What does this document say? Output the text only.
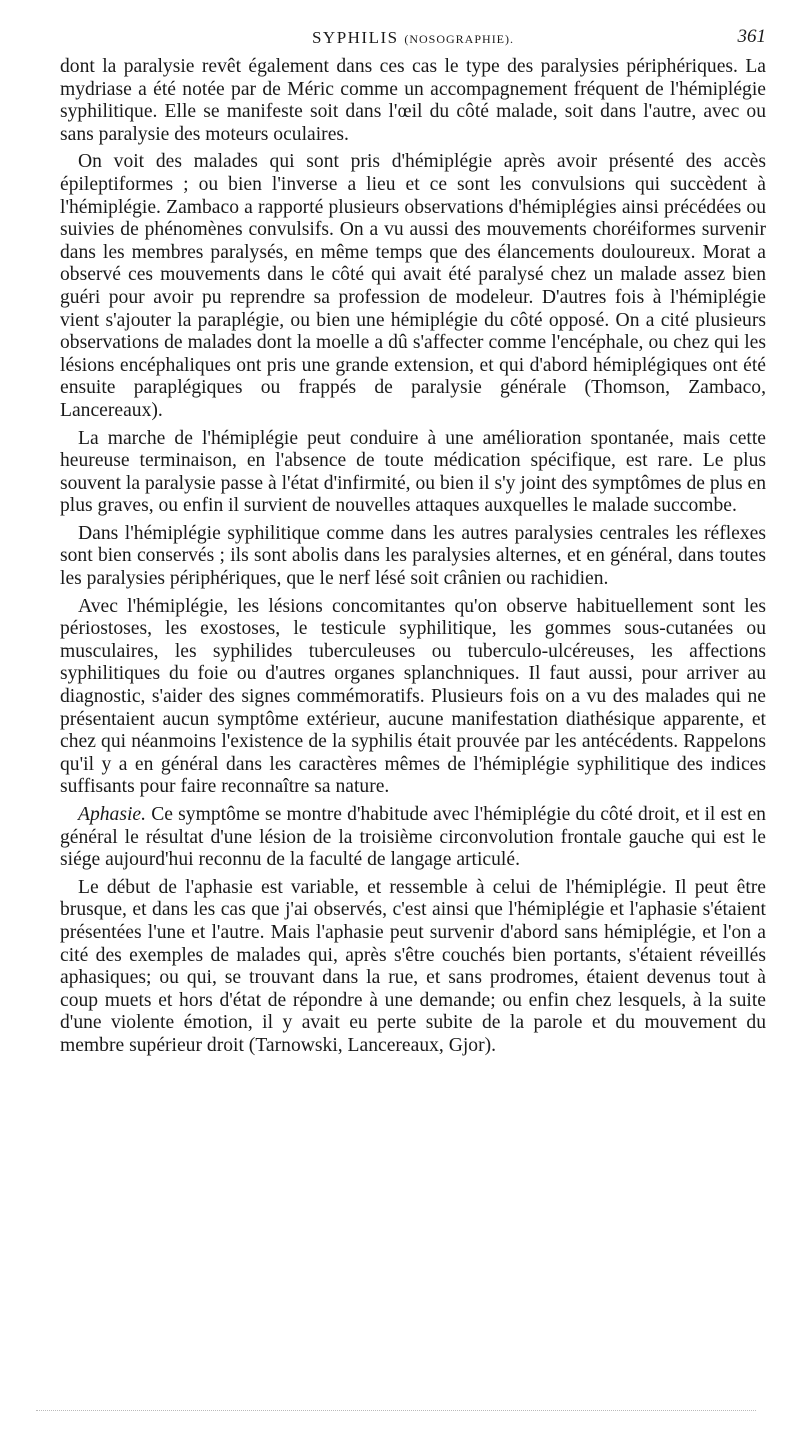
SYPHILIS (NOSOGRAPHIE).	361

dont la paralysie revêt également dans ces cas le type des paralysies périphériques. La mydriase a été notée par de Méric comme un accompagnement fréquent de l'hémiplégie syphilitique. Elle se manifeste soit dans l'œil du côté malade, soit dans l'autre, avec ou sans paralysie des moteurs oculaires.

On voit des malades qui sont pris d'hémiplégie après avoir présenté des accès épileptiformes ; ou bien l'inverse a lieu et ce sont les convulsions qui succèdent à l'hémiplégie. Zambaco a rapporté plusieurs observations d'hémiplégies ainsi précédées ou suivies de phénomènes convulsifs. On a vu aussi des mouvements choréiformes survenir dans les membres paralysés, en même temps que des élancements douloureux. Morat a observé ces mouvements dans le côté qui avait été paralysé chez un malade assez bien guéri pour avoir pu reprendre sa profession de modeleur. D'autres fois à l'hémiplégie vient s'ajouter la paraplégie, ou bien une hémiplégie du côté opposé. On a cité plusieurs observations de malades dont la moelle a dû s'affecter comme l'encéphale, ou chez qui les lésions encéphaliques ont pris une grande extension, et qui d'abord hémiplégiques ont été ensuite paraplégiques ou frappés de paralysie générale (Thomson, Zambaco, Lancereaux).

La marche de l'hémiplégie peut conduire à une amélioration spontanée, mais cette heureuse terminaison, en l'absence de toute médication spécifique, est rare. Le plus souvent la paralysie passe à l'état d'infirmité, ou bien il s'y joint des symptômes de plus en plus graves, ou enfin il survient de nouvelles attaques auxquelles le malade succombe.

Dans l'hémiplégie syphilitique comme dans les autres paralysies centrales les réflexes sont bien conservés ; ils sont abolis dans les paralysies alternes, et en général, dans toutes les paralysies périphériques, que le nerf lésé soit crânien ou rachidien.

Avec l'hémiplégie, les lésions concomitantes qu'on observe habituellement sont les périostoses, les exostoses, le testicule syphilitique, les gommes sous-cutanées ou musculaires, les syphilides tuberculeuses ou tuberculo-ulcéreuses, les affections syphilitiques du foie ou d'autres organes splanchniques. Il faut aussi, pour arriver au diagnostic, s'aider des signes commémoratifs. Plusieurs fois on a vu des malades qui ne présentaient aucun symptôme extérieur, aucune manifestation diathésique apparente, et chez qui néanmoins l'existence de la syphilis était prouvée par les antécédents. Rappelons qu'il y a en général dans les caractères mêmes de l'hémiplégie syphilitique des indices suffisants pour faire reconnaître sa nature.

Aphasie. Ce symptôme se montre d'habitude avec l'hémiplégie du côté droit, et il est en général le résultat d'une lésion de la troisième circonvolution frontale gauche qui est le siége aujourd'hui reconnu de la faculté de langage articulé.

Le début de l'aphasie est variable, et ressemble à celui de l'hémiplégie. Il peut être brusque, et dans les cas que j'ai observés, c'est ainsi que l'hémiplégie et l'aphasie s'étaient présentées l'une et l'autre. Mais l'aphasie peut survenir d'abord sans hémiplégie, et l'on a cité des exemples de malades qui, après s'être couchés bien portants, s'étaient réveillés aphasiques; ou qui, se trouvant dans la rue, et sans prodromes, étaient devenus tout à coup muets et hors d'état de répondre à une demande; ou enfin chez lesquels, à la suite d'une violente émotion, il y avait eu perte subite de la parole et du mouvement du membre supérieur droit (Tarnowski, Lancereaux, Gjor).
